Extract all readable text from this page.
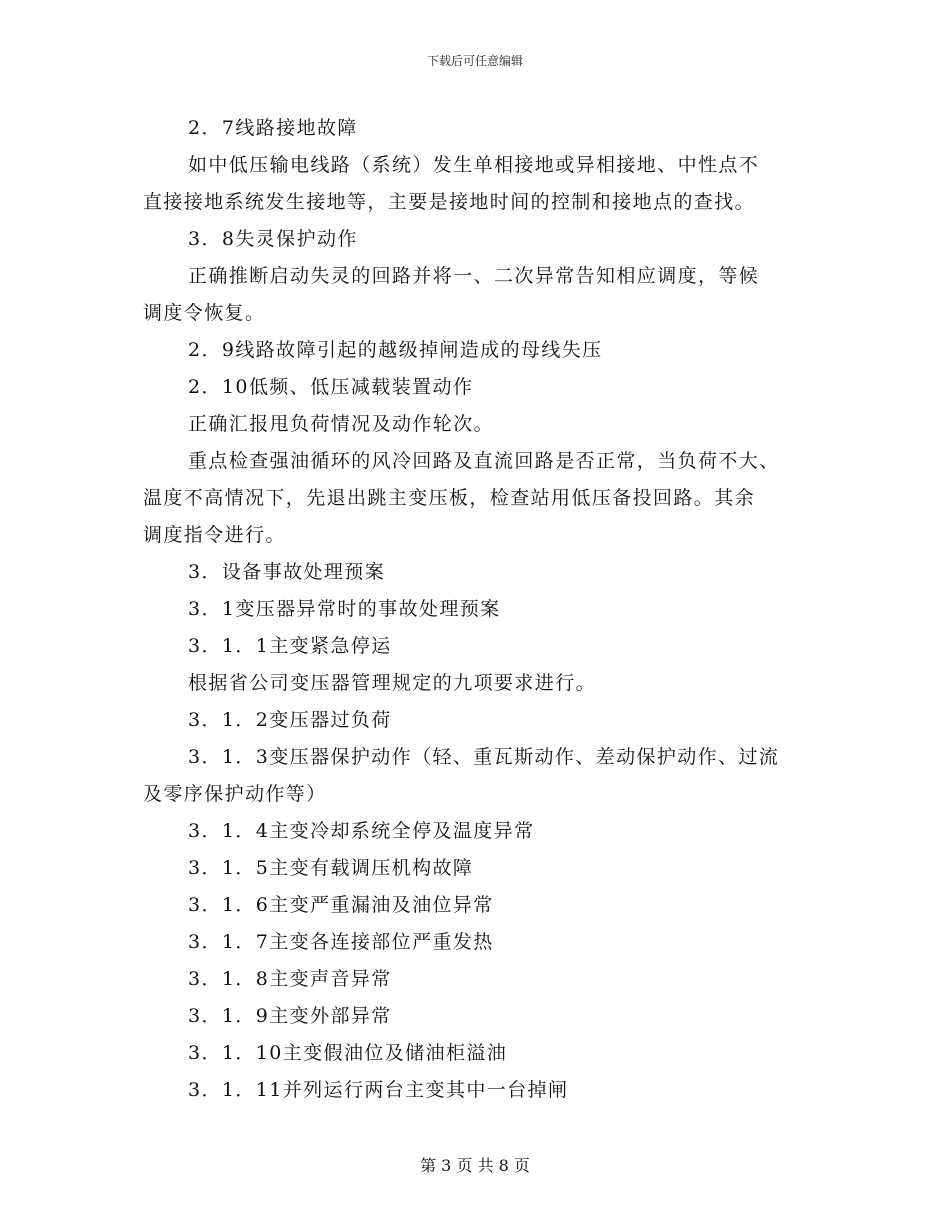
下载后可任意编辑
2．7线路接地故障
如中低压输电线路（系统）发生单相接地或异相接地、中性点不
直接接地系统发生接地等，主要是接地时间的控制和接地点的查找。
3．8失灵保护动作
正确推断启动失灵的回路并将一、二次异常告知相应调度，等候
调度令恢复。
2．9线路故障引起的越级掉闸造成的母线失压
2．10低频、低压减载装置动作
正确汇报甩负荷情况及动作轮次。
重点检查强油循环的风冷回路及直流回路是否正常，当负荷不大、
温度不高情况下，先退出跳主变压板，检查站用低压备投回路。其余
调度指令进行。
3．设备事故处理预案
3．1变压器异常时的事故处理预案
3．1．1主变紧急停运
根据省公司变压器管理规定的九项要求进行。
3．1．2变压器过负荷
3．1．3变压器保护动作（轻、重瓦斯动作、差动保护动作、过流
及零序保护动作等）
3．1．4主变冷却系统全停及温度异常
3．1．5主变有载调压机构故障
3．1．6主变严重漏油及油位异常
3．1．7主变各连接部位严重发热
3．1．8主变声音异常
3．1．9主变外部异常
3．1．10主变假油位及储油柜溢油
3．1．11并列运行两台主变其中一台掉闸
第 3 页 共 8 页
